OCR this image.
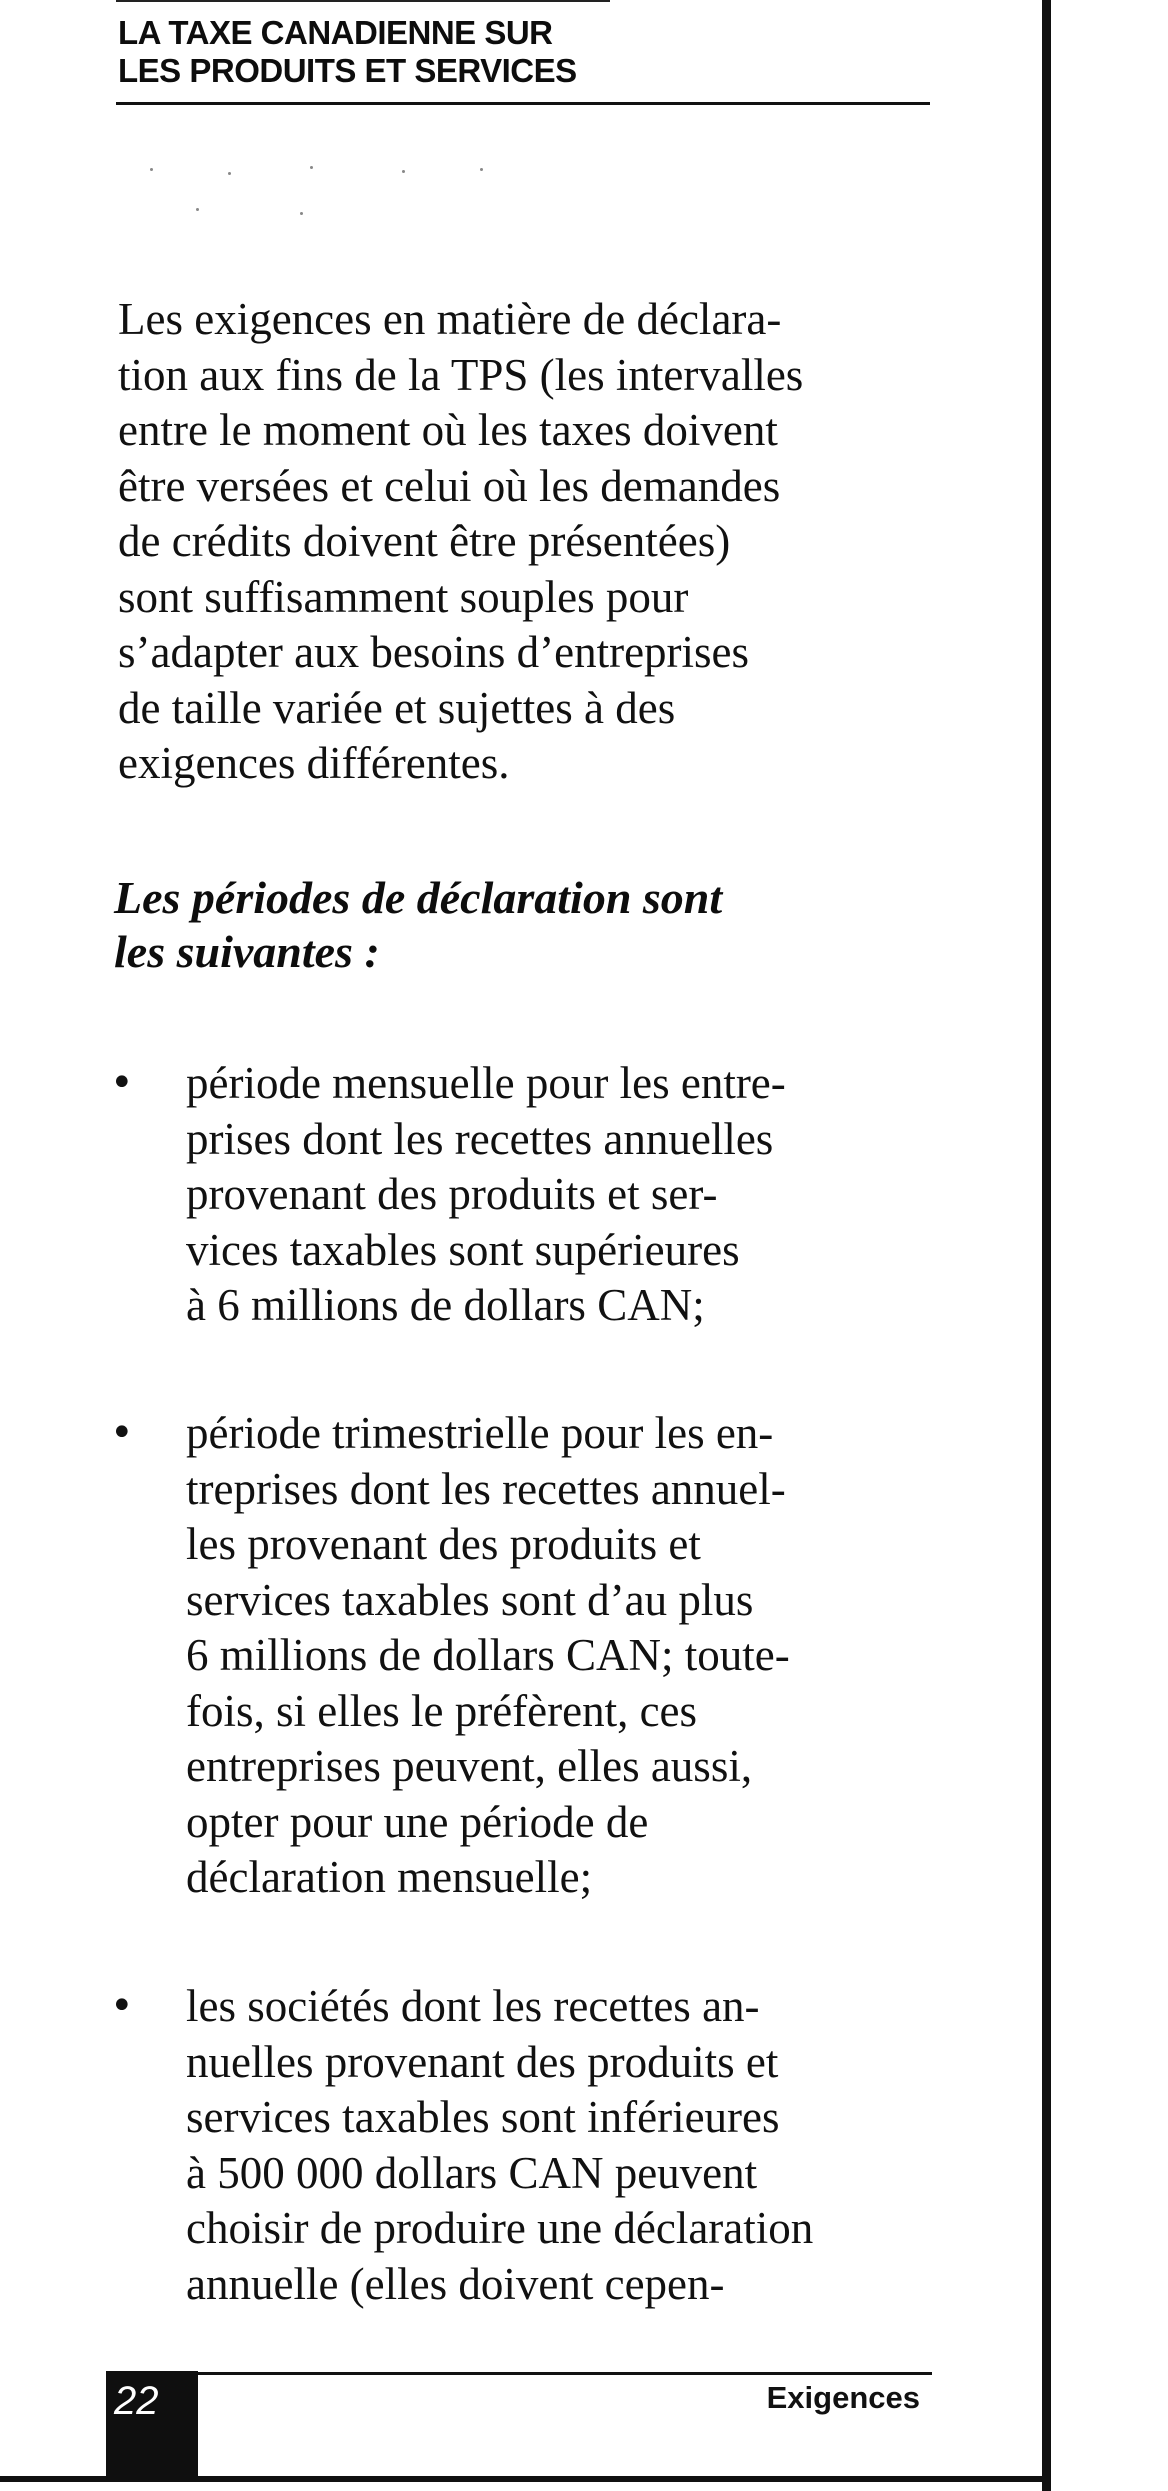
LA TAXE CANADIENNE SUR
LES PRODUITS ET SERVICES
Les exigences en matière de déclara-
tion aux fins de la TPS (les intervalles
entre le moment où les taxes doivent
être versées et celui où les demandes
de crédits doivent être présentées)
sont suffisamment souples pour
s’adapter aux besoins d’entreprises
de taille variée et sujettes à des
exigences différentes.
Les périodes de déclaration sont
les suivantes :
• période mensuelle pour les entre-
prises dont les recettes annuelles
provenant des produits et ser-
vices taxables sont supérieures
à 6 millions de dollars CAN;
• période trimestrielle pour les en-
treprises dont les recettes annuel-
les provenant des produits et
services taxables sont d’au plus
6 millions de dollars CAN; toute-
fois, si elles le préfèrent, ces
entreprises peuvent, elles aussi,
opter pour une période de
déclaration mensuelle;
• les sociétés dont les recettes an-
nuelles provenant des produits et
services taxables sont inférieures
à 500 000 dollars CAN peuvent
choisir de produire une déclaration
annuelle (elles doivent cepen-
22	Exigences
